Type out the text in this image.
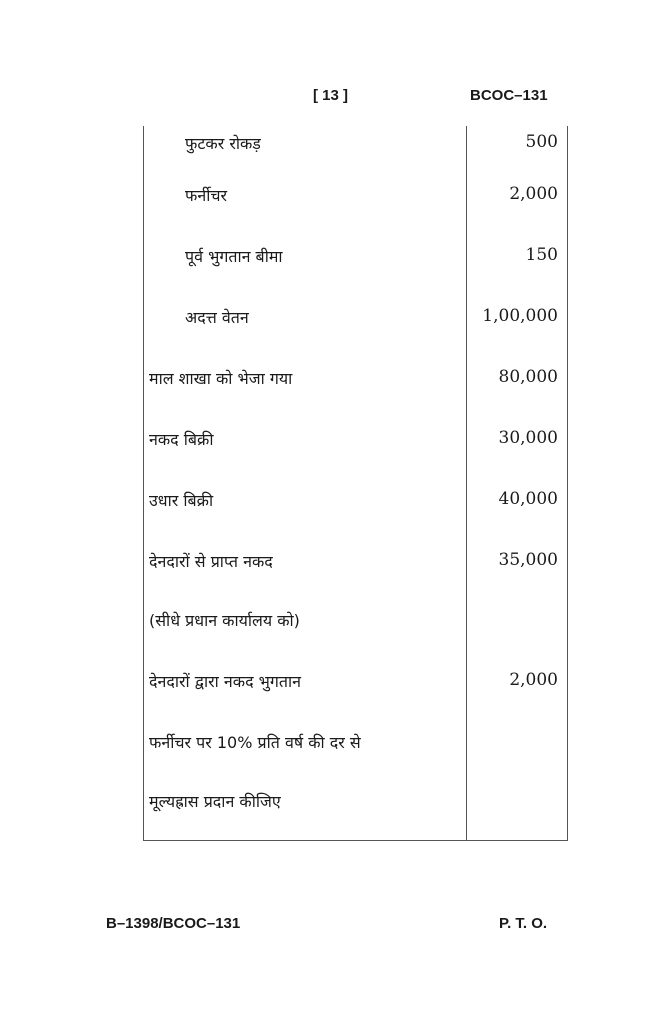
[ 13 ]	BCOC–131
फुटकर रोकड़	500
फर्नीचर	2,000
पूर्व भुगतान बीमा	150
अदत्त वेतन	1,00,000
माल शाखा को भेजा गया	80,000
नकद बिक्री	30,000
उधार बिक्री	40,000
देनदारों से प्राप्त नकद	35,000
(सीधे प्रधान कार्यालय को)
देनदारों द्वारा नकद भुगतान	2,000
फर्नीचर पर 10% प्रति वर्ष की दर से
मूल्यह्रास प्रदान कीजिए
B–1398/BCOC–131	P. T. O.
